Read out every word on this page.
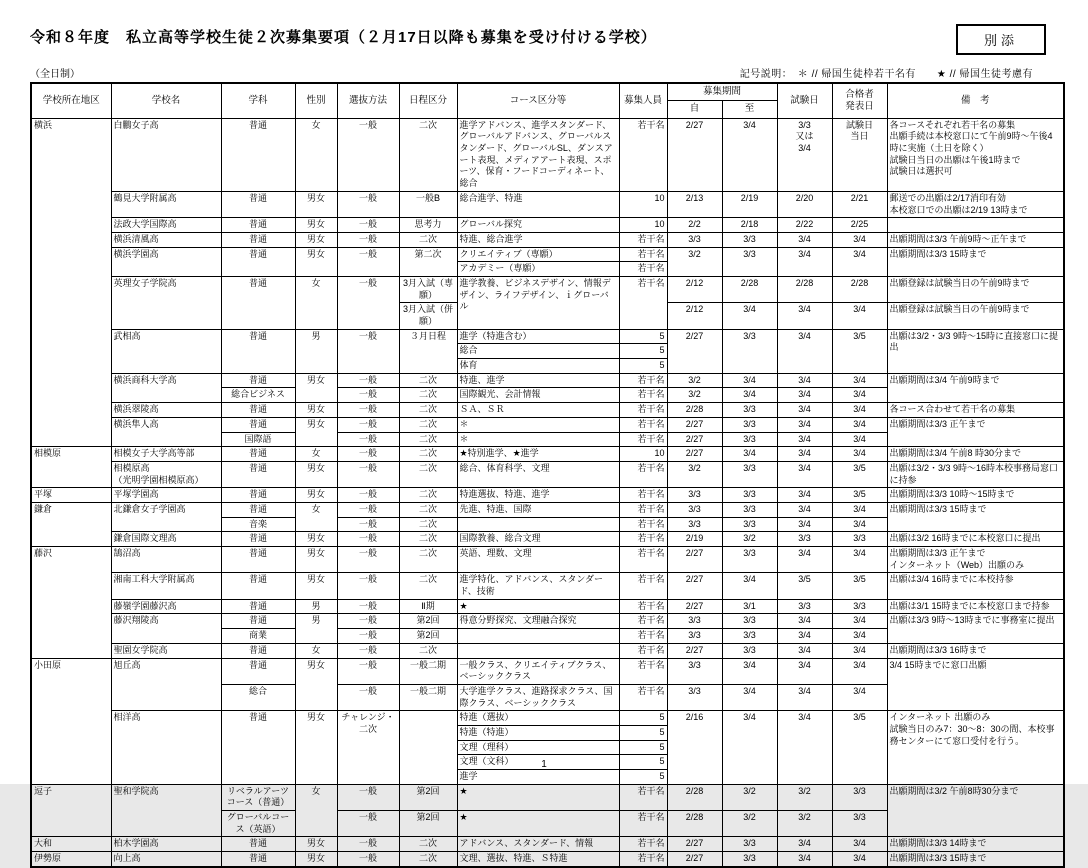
令和８年度　私立高等学校生徒２次募集要項（２月17日以降も募集を受け付ける学校）	別添
（全日制）	記号説明：　＊ // 帰国生徒枠若干名有　　★ // 帰国生徒考慮有
学校所在地区	学校名	学科	性別	選抜方法	日程区分	コース区分等	募集人員	募集期間		試験日	合格者
発表日	備　考
								自	至			
横浜	白鵬女子高	普通	女	一般	二次	進学アドバンス、進学スタンダード、グローバルアドバンス、グローバルスタンダード、グローバルSL、ダンスアート表現、メディアアート表現、スポーツ、保育・フードコーディネート、総合	若干名	2/27	3/4	3/3
又は
3/4	試験日
当日	各コースそれぞれ若干名の募集
出願手続は本校窓口にて午前9時～午後4時に実施（土日を除く）
試験日当日の出願は午後1時まで
試験日は選択可
	鶴見大学附属高	普通	男女	一般	一般B	総合進学、特進	10	2/13	2/19	2/20	2/21	郵送での出願は2/17消印有効
本校窓口での出願は2/19 13時まで
	法政大学国際高	普通	男女	一般	思考力	グローバル探究	10	2/2	2/18	2/22	2/25	
	横浜清風高	普通	男女	一般	二次	特進、総合進学	若干名	3/3	3/3	3/4	3/4	出願期間は3/3 午前9時～正午まで
	横浜学園高	普通	男女	一般	第二次	クリエイティブ（専願）	若干名	3/2	3/3	3/4	3/4	出願期間は3/3 15時まで
						アカデミー（専願）	若干名					
	英理女子学院高	普通	女	一般	3月入試（専願）	進学教養、ビジネスデザイン、情報デザイン、ライフデザイン、ｉグローバル	若干名	2/12	2/28	2/28	2/28	出願登録は試験当日の午前9時まで
					3月入試（併願）			2/12	3/4	3/4	3/4	出願登録は試験当日の午前9時まで
	武相高	普通	男	一般	３月日程	進学（特進含む）	5	2/27	3/3	3/4	3/5	出願は3/2・3/3 9時～15時に直接窓口に提出
						総合	5					
						体育	5					
	横浜商科大学高	普通	男女	一般	二次	特進、進学	若干名	3/2	3/4	3/4	3/4	出願期間は3/4 午前9時まで
		総合ビジネス		一般	二次	国際観光、会計情報	若干名	3/2	3/4	3/4	3/4	
	横浜翠陵高	普通	男女	一般	二次	ＳＡ、ＳＲ	若干名	2/28	3/3	3/4	3/4	各コース合わせて若干名の募集
	横浜隼人高	普通	男女	一般	二次	＊	若干名	2/27	3/3	3/4	3/4	出願期間は3/3 正午まで
		国際語		一般	二次	＊	若干名	2/27	3/3	3/4	3/4	
相模原	相模女子大学高等部	普通	女	一般	二次	★特別進学、★進学	10	2/27	3/4	3/4	3/4	出願期間は3/4 午前8 時30分まで
	相模原高
（光明学園相模原高）	普通	男女	一般	二次	総合、体育科学、文理	若干名	3/2	3/3	3/4	3/5	出願は3/2・3/3 9時～16時本校事務局窓口に持参
平塚	平塚学園高	普通	男女	一般	二次	特進選抜、特進、進学	若干名	3/3	3/3	3/4	3/5	出願期間は3/3 10時～15時まで
鎌倉	北鎌倉女子学園高	普通	女	一般	二次	先進、特進、国際	若干名	3/3	3/3	3/4	3/4	出願期間は3/3 15時まで
		音楽		一般	二次		若干名	3/3	3/3	3/4	3/4	
	鎌倉国際文理高	普通	男女	一般	二次	国際教養、総合文理	若干名	2/19	3/2	3/3	3/3	出願は3/2 16時までに本校窓口に提出
藤沢	鵠沼高	普通	男女	一般	二次	英語、理数、文理	若干名	2/27	3/3	3/4	3/4	出願期間は3/3 正午まで
インターネット（Web）出願のみ
	湘南工科大学附属高	普通	男女	一般	二次	進学特化、アドバンス、スタンダード、技術	若干名	2/27	3/4	3/5	3/5	出願は3/4 16時までに本校持参
	藤嶺学園藤沢高	普通	男	一般	Ⅱ期	★	若干名	2/27	3/1	3/3	3/3	出願は3/1 15時までに本校窓口まで持参
	藤沢翔陵高	普通	男	一般	第2回	得意分野探究、文理融合探究	若干名	3/3	3/3	3/4	3/4	出願は3/3 9時～13時までに事務室に提出
		商業		一般	第2回		若干名	3/3	3/3	3/4	3/4	
	聖園女学院高	普通	女	一般	二次		若干名	2/27	3/3	3/4	3/4	出願期間は3/3 16時まで
小田原	旭丘高	普通	男女	一般	一般二期	一般クラス、クリエイティブクラス、ベーシッククラス	若干名	3/3	3/4	3/4	3/4	3/4 15時までに窓口出願
		総合		一般	一般二期	大学進学クラス、進路探求クラス、国際クラス、ベーシッククラス	若干名	3/3	3/4	3/4	3/4	
	相洋高	普通	男女	チャレンジ・二次		特進（選抜）	5	2/16	3/4	3/4	3/5	インターネット 出願のみ
試験当日のみ7：30～8：30の間、本校事務センターにて窓口受付を行う。
						特進（特進）	5					
						文理（理科）	5					
						文理（文科）	5					
						進学	5					
逗子	聖和学院高	リベラルアーツコース（普通）	女	一般	第2回	★	若干名	2/28	3/2	3/2	3/3	出願期間は3/2 午前8時30分まで
		グローバルコース（英語）		一般	第2回	★	若干名	2/28	3/2	3/2	3/3	
大和	柏木学園高	普通	男女	一般	二次	アドバンス、スタンダード、情報	若干名	2/27	3/3	3/4	3/4	出願期間は3/3 14時まで
伊勢原	向上高	普通	男女	一般	二次	文理、選抜、特進、Ｓ特進	若干名	2/27	3/3	3/4	3/4	出願期間は3/3 15時まで
1
